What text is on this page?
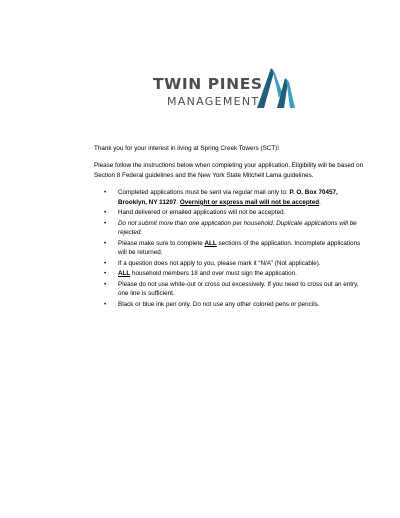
TWIN PINES
MANAGEMENT

Thank you for your interest in living at Spring Creek Towers (SCT)!

Please follow the instructions below when completing your application. Eligibility will be based on Section 8 Federal guidelines and the New York State Mitchell Lama guidelines.

• Completed applications must be sent via regular mail only to: P. O. Box 70457, Brooklyn, NY 11207. Overnight or express mail will not be accepted.
• Hand delivered or emailed applications will not be accepted.
• Do not submit more than one application per household. Duplicate applications will be rejected.
• Please make sure to complete ALL sections of the application. Incomplete applications will be returned.
• If a question does not apply to you, please mark it “N/A” (Not applicable).
• ALL household members 18 and over must sign the application.
• Please do not use white-out or cross out excessively. If you need to cross out an entry, one line is sufficient.
• Black or blue ink pen only. Do not use any other colored pens or pencils.
